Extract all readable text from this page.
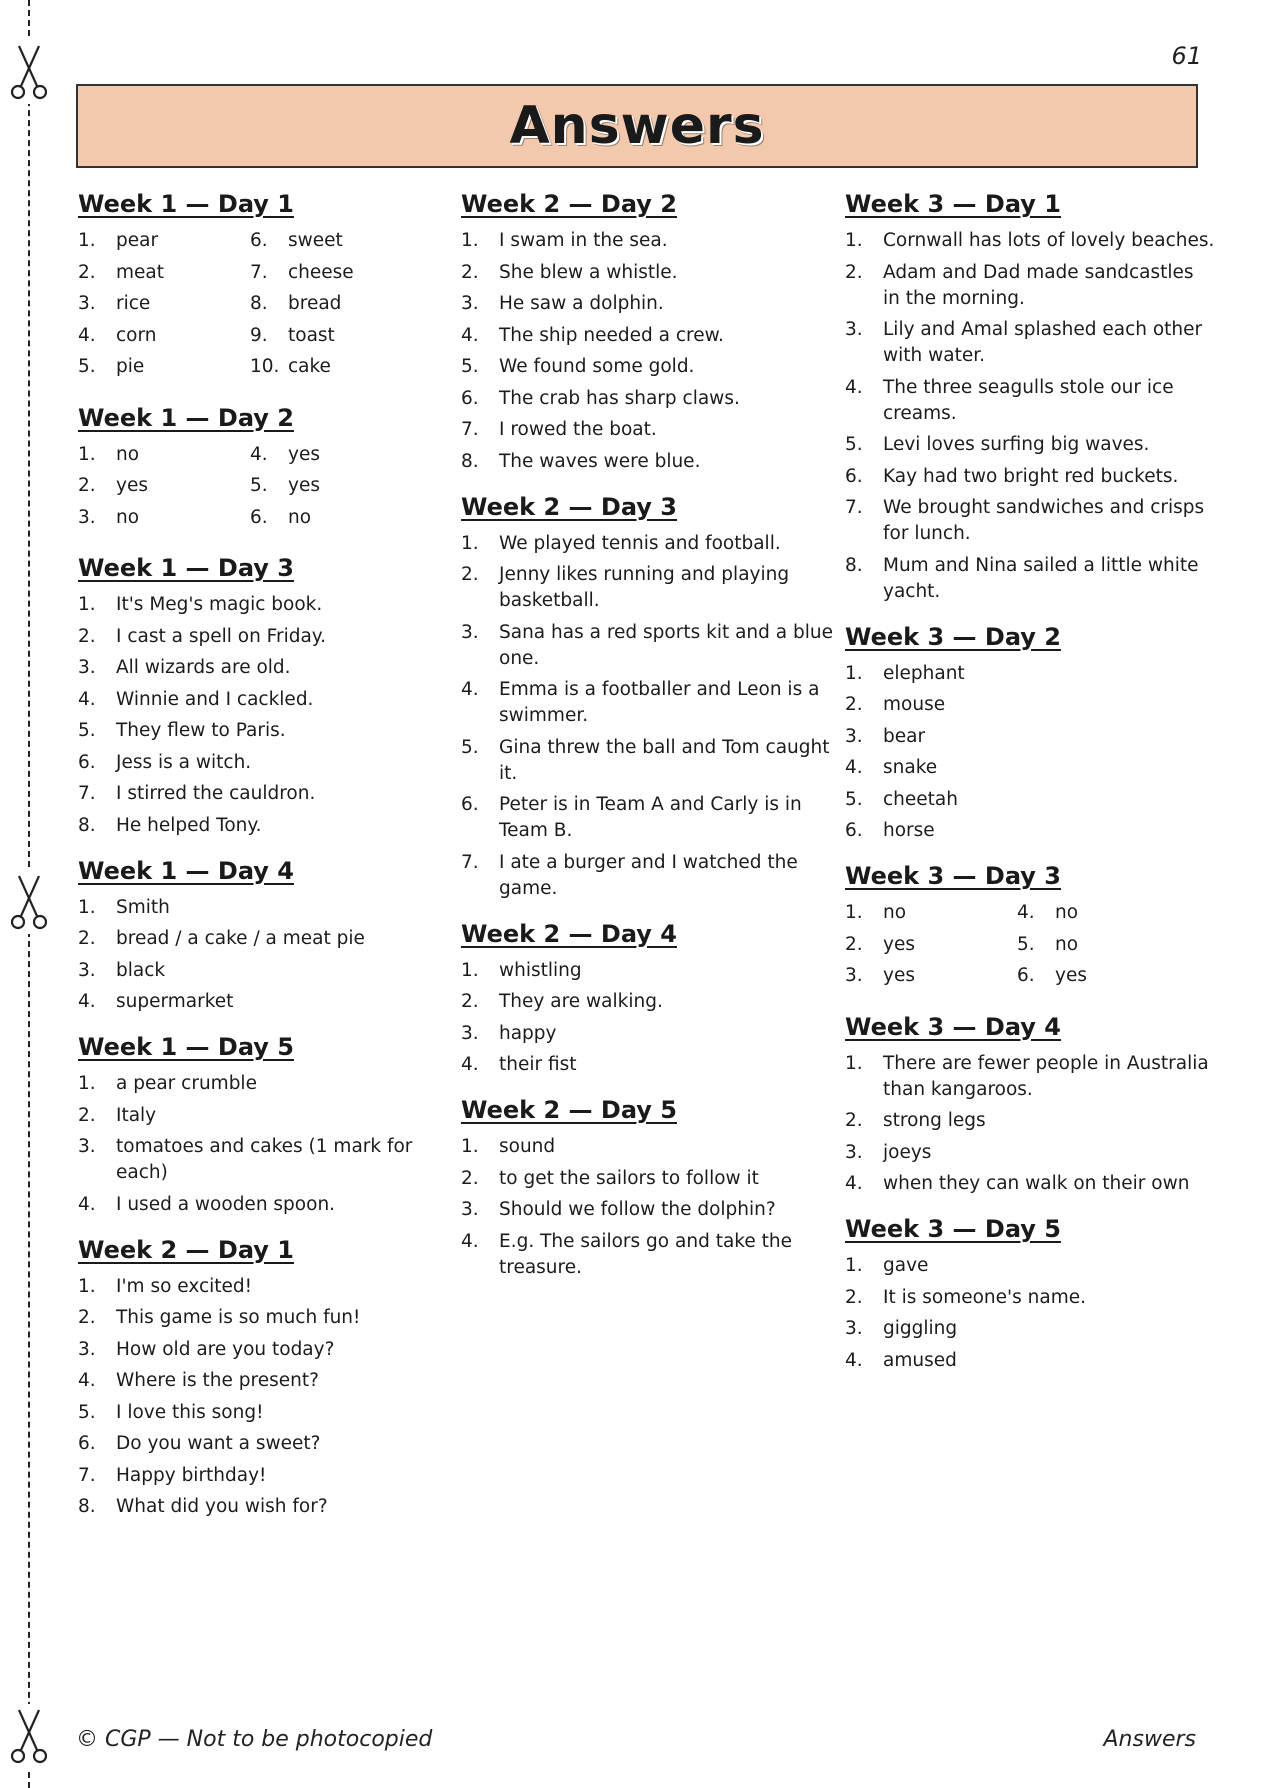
61
Answers
Week 1 — Day 1
1.	pear
2.	meat
3.	rice
4.	corn
5.	pie
6.	sweet
7.	cheese
8.	bread
9.	toast
10. cake
Week 1 — Day 2
1.	no
2.	yes
3.	no
4.	yes
5.	yes
6.	no
Week 1 — Day 3
1.	It's Meg's magic book.
2.	I cast a spell on Friday.
3.	All wizards are old.
4.	Winnie and I cackled.
5.	They flew to Paris.
6.	Jess is a witch.
7.	I stirred the cauldron.
8.	He helped Tony.
Week 1 — Day 4
1.	Smith
2.	bread / a cake / a meat pie
3.	black
4.	supermarket
Week 1 — Day 5
1.	a pear crumble
2.	Italy
3.	tomatoes and cakes (1 mark for each)
4.	I used a wooden spoon.
Week 2 — Day 1
1.	I'm so excited!
2.	This game is so much fun!
3.	How old are you today?
4.	Where is the present?
5.	I love this song!
6.	Do you want a sweet?
7.	Happy birthday!
8.	What did you wish for?
Week 2 — Day 2
1.	I swam in the sea.
2.	She blew a whistle.
3.	He saw a dolphin.
4.	The ship needed a crew.
5.	We found some gold.
6.	The crab has sharp claws.
7.	I rowed the boat.
8.	The waves were blue.
Week 2 — Day 3
1.	We played tennis and football.
2.	Jenny likes running and playing basketball.
3.	Sana has a red sports kit and a blue one.
4.	Emma is a footballer and Leon is a swimmer.
5.	Gina threw the ball and Tom caught it.
6.	Peter is in Team A and Carly is in Team B.
7.	I ate a burger and I watched the game.
Week 2 — Day 4
1.	whistling
2.	They are walking.
3.	happy
4.	their fist
Week 2 — Day 5
1.	sound
2.	to get the sailors to follow it
3.	Should we follow the dolphin?
4.	E.g. The sailors go and take the treasure.
Week 3 — Day 1
1.	Cornwall has lots of lovely beaches.
2.	Adam and Dad made sandcastles in the morning.
3.	Lily and Amal splashed each other with water.
4.	The three seagulls stole our ice creams.
5.	Levi loves surfing big waves.
6.	Kay had two bright red buckets.
7.	We brought sandwiches and crisps for lunch.
8.	Mum and Nina sailed a little white yacht.
Week 3 — Day 2
1.	elephant
2.	mouse
3.	bear
4.	snake
5.	cheetah
6.	horse
Week 3 — Day 3
1.	no
2.	yes
3.	yes
4.	no
5.	no
6.	yes
Week 3 — Day 4
1.	There are fewer people in Australia than kangaroos.
2.	strong legs
3.	joeys
4.	when they can walk on their own
Week 3 — Day 5
1.	gave
2.	It is someone's name.
3.	giggling
4.	amused
© CGP — Not to be photocopied	Answers
